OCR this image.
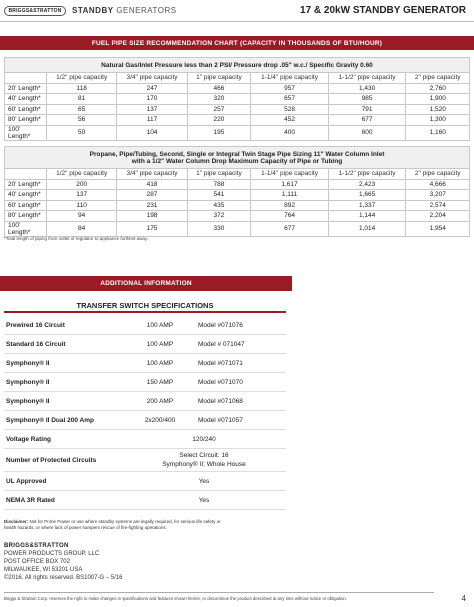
BRIGGS&STRATTON STANDBY GENERATORS	17 & 20kW STANDBY GENERATOR
FUEL PIPE SIZE RECOMMENDATION CHART (CAPACITY IN THOUSANDS OF BTU/HOUR)
Natural Gas/Inlet Pressure less than 2 PSI/ Pressure drop .05" w.c./ Specific Gravity 0.60						
	1/2" pipe capacity	3/4" pipe capacity	1" pipe capacity	1-1/4" pipe capacity	1-1/2" pipe capacity	2" pipe capacity
20' Length*	118	247	466	957	1,430	2,760
40' Length*	81	170	320	657	985	1,900
60' Length*	65	137	257	528	791	1,520
80' Length*	56	117	220	452	677	1,300
100' Length*	50	104	195	400	600	1,160
Propane, Pipe/Tubing, Second, Single or Integral Twin Stage Pipe Sizing 11" Water Column Inlet
with a 1/2" Water Column Drop Maximum Capacity of Pipe or Tubing						
	1/2" pipe capacity	3/4" pipe capacity	1" pipe capacity	1-1/4" pipe capacity	1-1/2" pipe capacity	2" pipe capacity
20' Length*	200	418	788	1,617	2,423	4,666
40' Length*	137	287	541	1,111	1,665	3,207
60' Length*	110	231	435	892	1,337	2,574
80' Length*	94	198	372	764	1,144	2,204
100' Length*	84	175	330	677	1,014	1,954
*Total length of piping from outlet of regulator to appliance furthest away.
ADDITIONAL INFORMATION
TRANSFER SWITCH SPECIFICATIONS
Prewired 16 Circuit	100 AMP	Model #071076
Standard 16 Circuit	100 AMP	Model # 071047
Symphony® II	100 AMP	Model #071071
Symphony® II	150 AMP	Model #071070
Symphony® II	200 AMP	Model #071068
Symphony® II Dual 200 Amp	2x200/400	Model #071057
Voltage Rating	120/240
Number of Protected Circuits
Select Circuit: 16
Symphony® II: Whole House
UL Approved	Yes
NEMA 3R Rated	Yes
Disclaimer: Not for Prime Power or use where standby systems are legally required, for serious life safety or health hazards, or where lack of power hampers rescue of fire-fighting operations.
BRIGGS&STRATTON
POWER PRODUCTS GROUP, LLC
POST OFFICE BOX 702
MILWAUKEE, WI 53201 USA
©2016. All rights reserved. BS1007-G – 5/16
Briggs & Stratton Corp. reserves the right to make changes in specifications and features shown herein, or discontinue the product described at any time without notice or obligation.	4
